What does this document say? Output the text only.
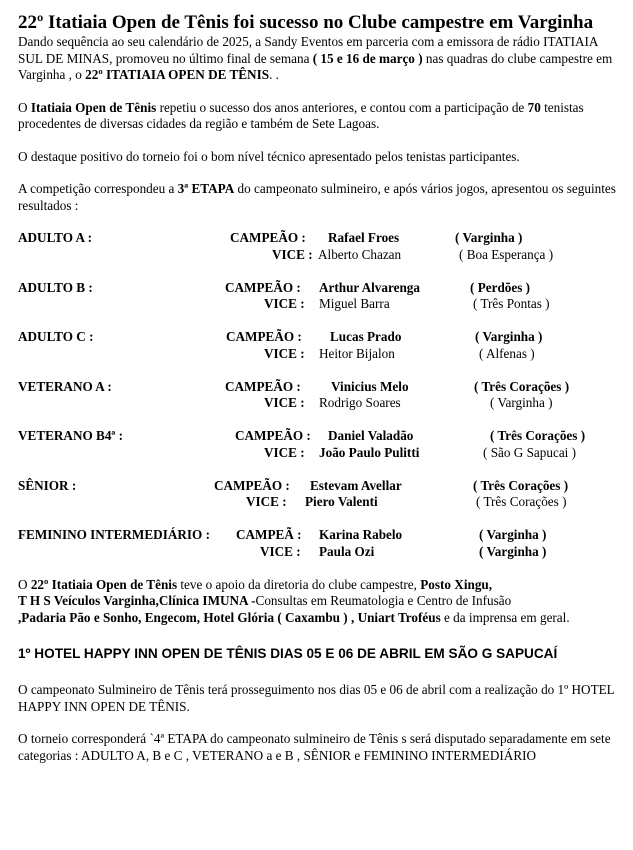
22º Itatiaia Open de Tênis foi sucesso no Clube campestre em Varginha

Dando sequência ao seu calendário de 2025, a Sandy Eventos em parceria com a emissora de rádio ITATIAIA SUL DE MINAS, promoveu no último final de semana ( 15 e 16 de março ) nas quadras do clube campestre em Varginha , o 22º ITATIAIA OPEN DE TÊNIS. .

O Itatiaia Open de Tênis repetiu o sucesso dos anos anteriores, e contou com a participação de 70 tenistas procedentes de diversas cidades da região e também de Sete Lagoas.

O destaque positivo do torneio foi o bom nível técnico apresentado pelos tenistas participantes.

A competição correspondeu a 3ª ETAPA do campeonato sulmineiro, e após vários jogos, apresentou os seguintes resultados :

ADULTO A :	CAMPEÃO : Rafael Froes	( Varginha )
VICE : Alberto Chazan	( Boa Esperança )
ADULTO B :	CAMPEÃO : Arthur Alvarenga	( Perdões )
VICE : Miguel Barra	( Três Pontas )
ADULTO C :	CAMPEÃO : Lucas Prado	( Varginha )
VICE : Heitor Bijalon	( Alfenas )
VETERANO A :	CAMPEÃO : Vinicius Melo	( Três Corações )
VICE : Rodrigo Soares	( Varginha )
VETERANO B4ª :	CAMPEÃO : Daniel Valadão	( Três Corações )
VICE : João Paulo Pulitti	( São G Sapucai )
SÊNIOR :	CAMPEÃO : Estevam Avellar	( Três Corações )
VICE : Piero Valenti	( Três Corações )
FEMININO INTERMEDIÁRIO : CAMPEÃ : Karina Rabelo	( Varginha )
VICE : Paula Ozi	( Varginha )

O 22º Itatiaia Open de Tênis teve o apoio da diretoria do clube campestre, Posto Xingu,
T H S Veículos Varginha,Clínica IMUNA -Consultas em Reumatologia e Centro de Infusão
,Padaria Pão e Sonho, Engecom, Hotel Glória ( Caxambu ) , Uniart Troféus e da imprensa em geral.

1º HOTEL HAPPY INN OPEN DE TÊNIS DIAS 05 E 06 DE ABRIL EM SÃO G SAPUCAÍ

O campeonato Sulmineiro de Tênis terá prosseguimento nos dias 05 e 06 de abril com a realização do 1º HOTEL HAPPY INN OPEN DE TÊNIS.

O torneio corresponderá `4ª ETAPA do campeonato sulmineiro de Tênis s será disputado separadamente em sete categorias : ADULTO A, B e C , VETERANO a e B , SÊNIOR e FEMININO INTERMEDIÁRIO
